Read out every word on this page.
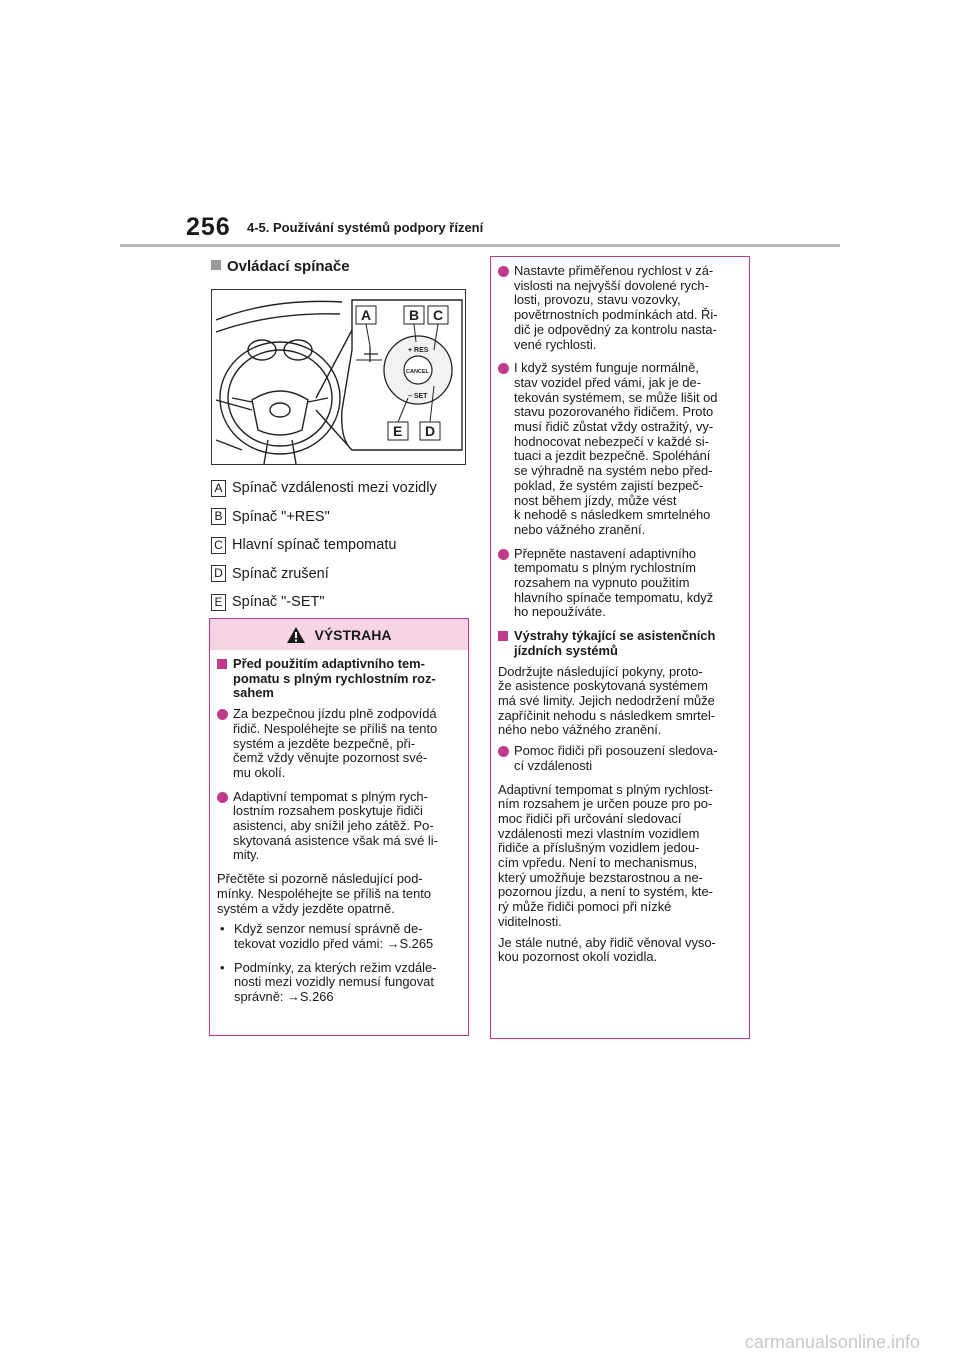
256 4-5. Používání systémů podpory řízení
Ovládací spínače
+ RES
CANCEL
– SET
A	B C
E D
A Spínač vzdálenosti mezi vozidly
B Spínač "+RES"
C Hlavní spínač tempomatu
D Spínač zrušení
E Spínač "-SET"
VÝSTRAHA
Před použitím adaptivního tem-
pomatu s plným rychlostním roz-
sahem
Za bezpečnou jízdu plně zodpovídá
řidič. Nespoléhejte se příliš na tento
systém a jezděte bezpečně, při-
čemž vždy věnujte pozornost své-
mu okolí.
Adaptivní tempomat s plným rych-
lostním rozsahem poskytuje řidiči
asistenci, aby snížil jeho zátěž. Po-
skytovaná asistence však má své li-
mity.
Přečtěte si pozorně následující pod-
mínky. Nespoléhejte se příliš na tento
systém a vždy jezděte opatrně.
• Když senzor nemusí správně de-
tekovat vozidlo před vámi: →S.265
• Podmínky, za kterých režim vzdále-
nosti mezi vozidly nemusí fungovat
správně: →S.266
Nastavte přiměřenou rychlost v zá-
vislosti na nejvyšší dovolené rych-
losti, provozu, stavu vozovky,
povětrnostních podmínkách atd. Ři-
dič je odpovědný za kontrolu nasta-
vené rychlosti.
I když systém funguje normálně,
stav vozidel před vámi, jak je de-
tekován systémem, se může lišit od
stavu pozorovaného řidičem. Proto
musí řidič zůstat vždy ostražitý, vy-
hodnocovat nebezpečí v každé si-
tuaci a jezdit bezpečně. Spoléhání
se výhradně na systém nebo před-
poklad, že systém zajistí bezpeč-
nost během jízdy, může vést
k nehodě s následkem smrtelného
nebo vážného zranění.
Přepněte nastavení adaptivního
tempomatu s plným rychlostním
rozsahem na vypnuto použitím
hlavního spínače tempomatu, když
ho nepoužíváte.
Výstrahy týkající se asistenčních
jízdních systémů
Dodržujte následující pokyny, proto-
že asistence poskytovaná systémem
má své limity. Jejich nedodržení může
zapříčinit nehodu s následkem smrtel-
ného nebo vážného zranění.
Pomoc řidiči při posouzení sledova-
cí vzdálenosti
Adaptivní tempomat s plným rychlost-
ním rozsahem je určen pouze pro po-
moc řidiči při určování sledovací
vzdálenosti mezi vlastním vozidlem
řidiče a příslušným vozidlem jedou-
cím vpředu. Není to mechanismus,
který umožňuje bezstarostnou a ne-
pozornou jízdu, a není to systém, kte-
rý může řidiči pomoci při nízké
viditelnosti.
Je stále nutné, aby řidič věnoval vyso-
kou pozornost okolí vozidla.
carmanualsonline.info
